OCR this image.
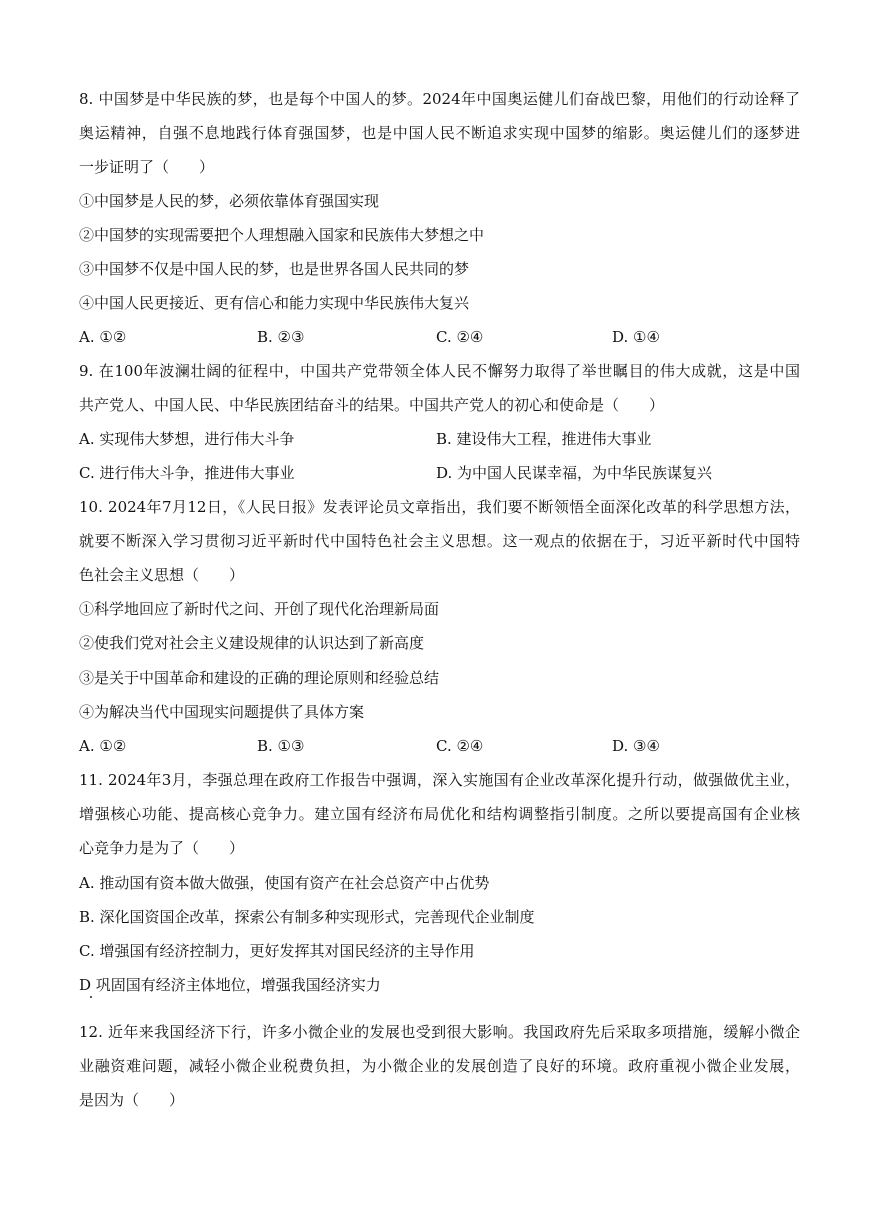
8. 中国梦是中华民族的梦，也是每个中国人的梦。2024年中国奥运健儿们奋战巴黎，用他们的行动诠释了
奥运精神，自强不息地践行体育强国梦，也是中国人民不断追求实现中国梦的缩影。奥运健儿们的逐梦进
一步证明了（　　）
①中国梦是人民的梦，必须依靠体育强国实现
②中国梦的实现需要把个人理想融入国家和民族伟大梦想之中
③中国梦不仅是中国人民的梦，也是世界各国人民共同的梦
④中国人民更接近、更有信心和能力实现中华民族伟大复兴
A. ①②	B. ②③	C. ②④	D. ①④
9. 在100年波澜壮阔的征程中，中国共产党带领全体人民不懈努力取得了举世瞩目的伟大成就，这是中国
共产党人、中国人民、中华民族团结奋斗的结果。中国共产党人的初心和使命是（　　）
A. 实现伟大梦想，进行伟大斗争	B. 建设伟大工程，推进伟大事业
C. 进行伟大斗争，推进伟大事业	D. 为中国人民谋幸福，为中华民族谋复兴
10. 2024年7月12日，《人民日报》发表评论员文章指出，我们要不断领悟全面深化改革的科学思想方法，
就要不断深入学习贯彻习近平新时代中国特色社会主义思想。这一观点的依据在于，习近平新时代中国特
色社会主义思想（　　）
①科学地回应了新时代之问、开创了现代化治理新局面
②使我们党对社会主义建设规律的认识达到了新高度
③是关于中国革命和建设的正确的理论原则和经验总结
④为解决当代中国现实问题提供了具体方案
A. ①②	B. ①③	C. ②④	D. ③④
11. 2024年3月，李强总理在政府工作报告中强调，深入实施国有企业改革深化提升行动，做强做优主业，
增强核心功能、提高核心竞争力。建立国有经济布局优化和结构调整指引制度。之所以要提高国有企业核
心竞争力是为了（　　）
A. 推动国有资本做大做强，使国有资产在社会总资产中占优势
B. 深化国资国企改革，探索公有制多种实现形式，完善现代企业制度
C. 增强国有经济控制力，更好发挥其对国民经济的主导作用
D 巩固国有经济主体地位，增强我国经济实力
12. 近年来我国经济下行，许多小微企业的发展也受到很大影响。我国政府先后采取多项措施，缓解小微企
业融资难问题，减轻小微企业税费负担，为小微企业的发展创造了良好的环境。政府重视小微企业发展，
是因为（　　）
